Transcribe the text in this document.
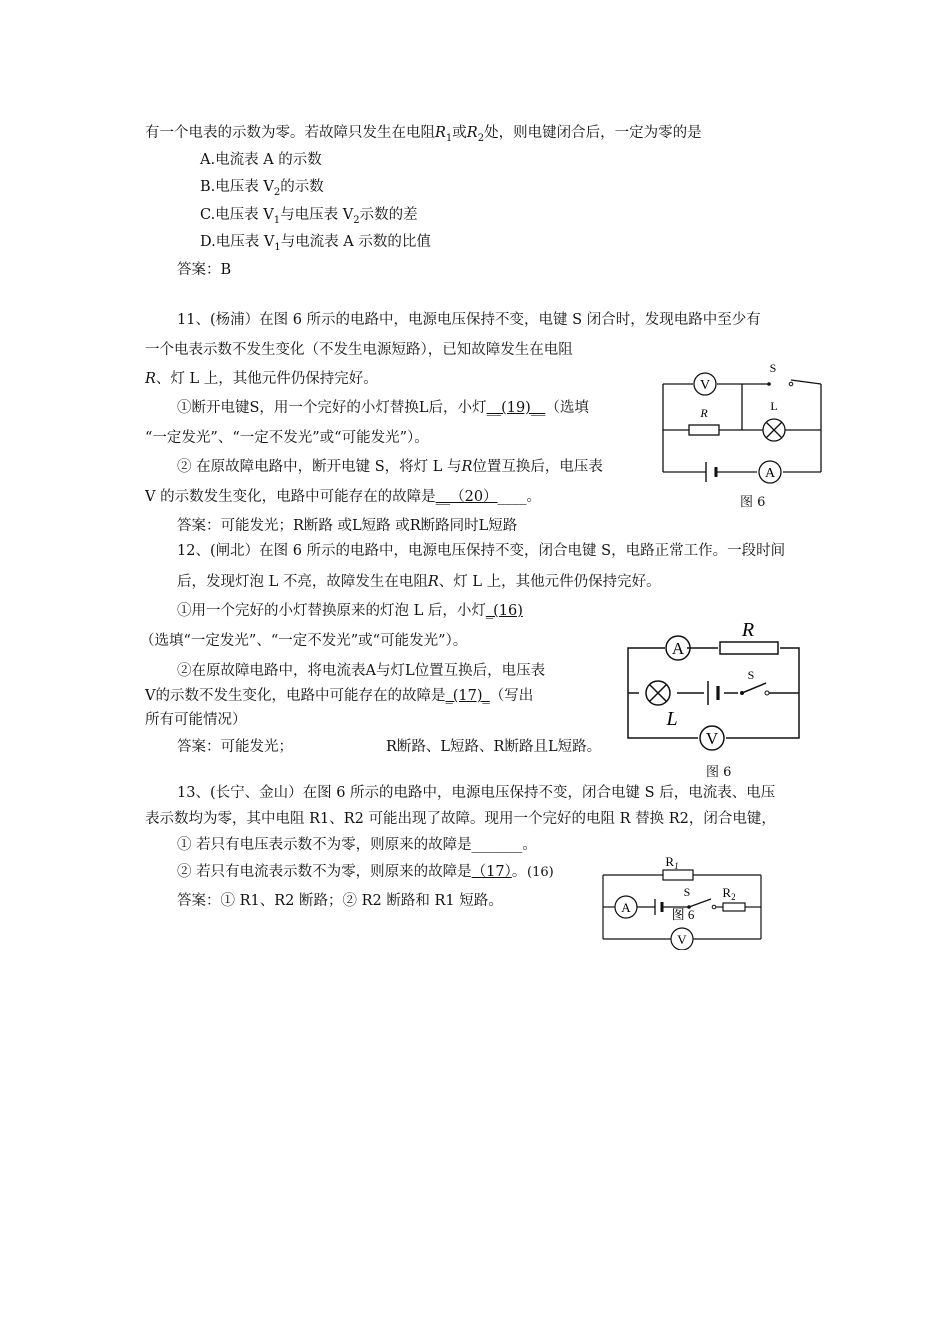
有一个电表的示数为零。若故障只发生在电阻$R_1$或$R_2$处，则电键闭合后，一定为零的是
A.电流表 A 的示数
B.电压表 $V_2$的示数
C.电压表 $V_1$与电压表 $V_2$示数的差
D.电压表 $V_1$与电流表 A 示数的比值
答案：B
11、(杨浦）在图 6 所示的电路中，电源电压保持不变，电键 S 闭合时，发现电路中至少有
一个电表示数不发生变化（不发生电源短路），已知故障发生在电阻
R、灯 L 上，其他元件仍保持完好。
①断开电键S，用一个完好的小灯替换L后，小灯__(19)__（选填
“一定发光”、“一定不发光”或“可能发光”）。
② 在原故障电路中，断开电键 S，将灯 L 与R位置互换后，电压表
V 的示数发生变化，电路中可能存在的故障是__（20）____。
答案：可能发光；R断路 或L短路 或R断路同时L短路
V
S
R	L
A
图 6
12、(闸北）在图 6 所示的电路中，电源电压保持不变，闭合电键 S，电路正常工作。一段时间
后，发现灯泡 L 不亮，故障发生在电阻R、灯 L 上，其他元件仍保持完好。
①用一个完好的小灯替换原来的灯泡 L 后，小灯_(16)
（选填“一定发光”、“一定不发光”或“可能发光”）。
②在原故障电路中，将电流表A与灯L位置互换后，电压表
V的示数不发生变化，电路中可能存在的故障是_(17)_（写出
所有可能情况）
答案：可能发光；	R断路、L短路、R断路且L短路。
A
R
L
S
V
图 6
13、(长宁、金山）在图 6 所示的电路中，电源电压保持不变，闭合电键 S 后，电流表、电压
表示数均为零，其中电阻 R1、R2 可能出现了故障。现用一个完好的电阻 R 替换 R2，闭合电键，
① 若只有电压表示数不为零，则原来的故障是_______。
② 若只有电流表示数不为零，则原来的故障是（17）。
答案：① R1、R2 断路；② R2 断路和 R1 短路。
$R_1$
$R_2$
S
A
V
图 6
(16)
